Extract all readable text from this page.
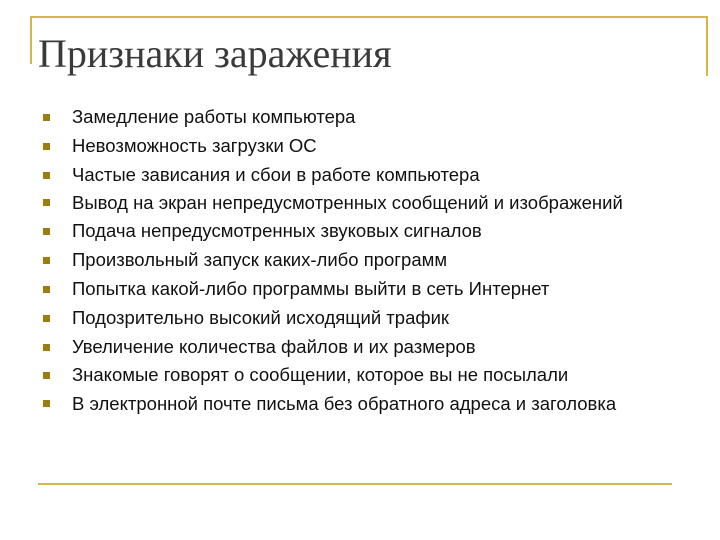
Признаки заражения
Замедление работы компьютера
Невозможность загрузки ОС
Частые зависания и сбои в работе компьютера
Вывод на экран непредусмотренных сообщений и изображений
Подача непредусмотренных звуковых сигналов
Произвольный запуск каких-либо программ
Попытка какой-либо программы выйти в сеть Интернет
Подозрительно высокий исходящий трафик
Увеличение количества файлов и их размеров
Знакомые говорят о сообщении, которое вы не посылали
В электронной почте письма без обратного адреса и заголовка
